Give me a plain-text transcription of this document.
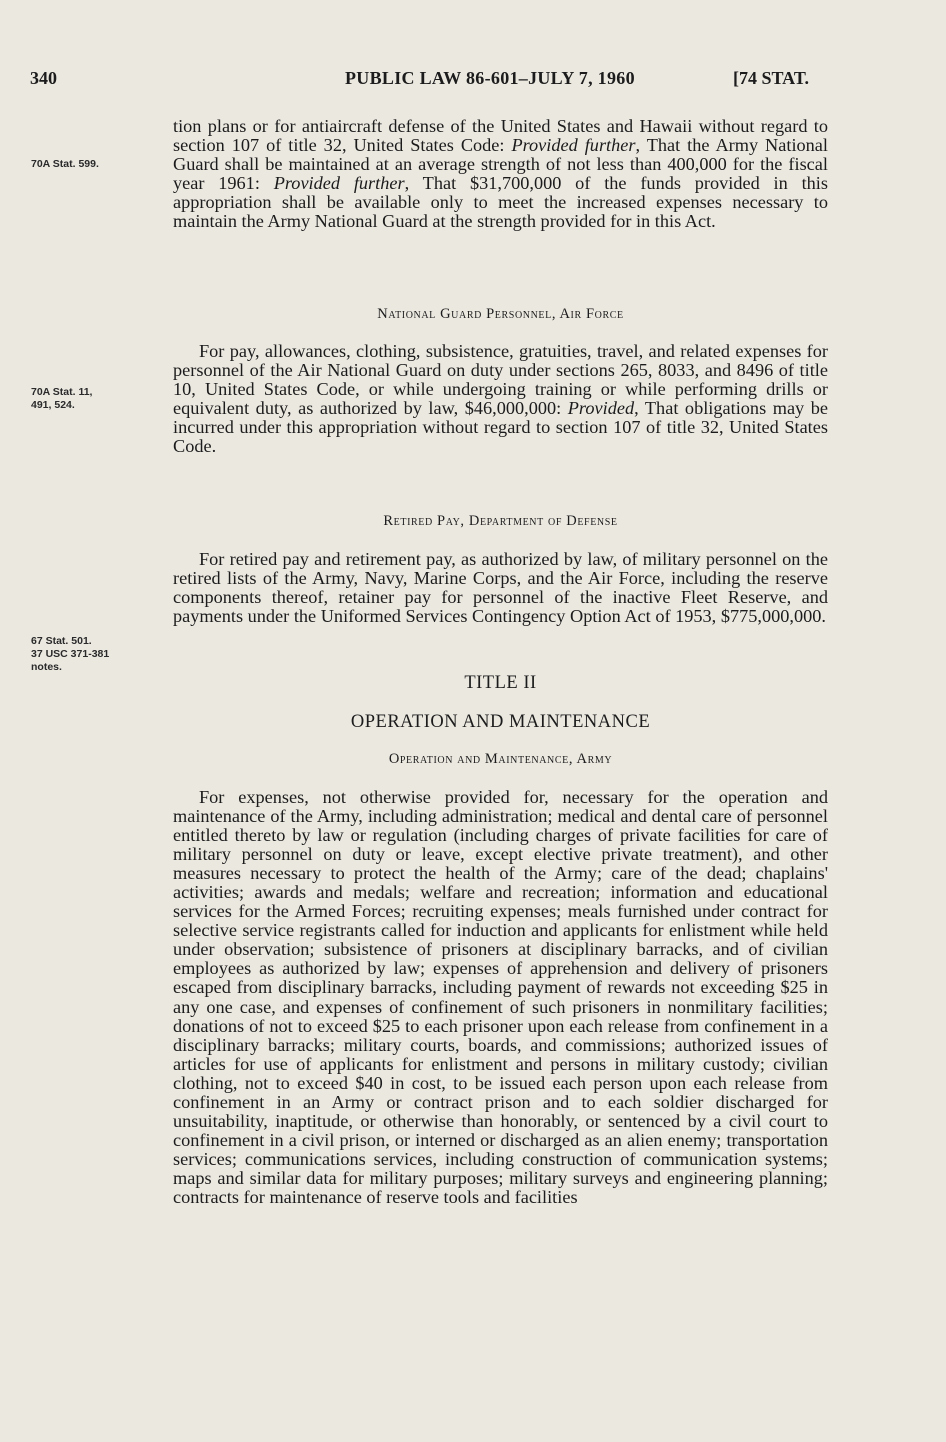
340	PUBLIC LAW 86-601–JULY 7, 1960	[74 STAT.
70A Stat. 599.
70A Stat. 11,
491, 524.
67 Stat. 501.
37 USC 371-381
notes.

tion plans or for antiaircraft defense of the United States and Hawaii without regard to section 107 of title 32, United States Code: Provided further, That the Army National Guard shall be maintained at an average strength of not less than 400,000 for the fiscal year 1961: Provided further, That $31,700,000 of the funds provided in this appropriation shall be available only to meet the increased expenses necessary to maintain the Army National Guard at the strength provided for in this Act.

National Guard Personnel, Air Force

For pay, allowances, clothing, subsistence, gratuities, travel, and related expenses for personnel of the Air National Guard on duty under sections 265, 8033, and 8496 of title 10, United States Code, or while undergoing training or while performing drills or equivalent duty, as authorized by law, $46,000,000: Provided, That obligations may be incurred under this appropriation without regard to section 107 of title 32, United States Code.

Retired Pay, Department of Defense

For retired pay and retirement pay, as authorized by law, of military personnel on the retired lists of the Army, Navy, Marine Corps, and the Air Force, including the reserve components thereof, retainer pay for personnel of the inactive Fleet Reserve, and payments under the Uniformed Services Contingency Option Act of 1953, $775,000,000.

TITLE II
OPERATION AND MAINTENANCE
Operation and Maintenance, Army

For expenses, not otherwise provided for, necessary for the operation and maintenance of the Army, including administration; medical and dental care of personnel entitled thereto by law or regulation (including charges of private facilities for care of military personnel on duty or leave, except elective private treatment), and other measures necessary to protect the health of the Army; care of the dead; chaplains' activities; awards and medals; welfare and recreation; information and educational services for the Armed Forces; recruiting expenses; meals furnished under contract for selective service registrants called for induction and applicants for enlistment while held under observation; subsistence of prisoners at disciplinary barracks, and of civilian employees as authorized by law; expenses of apprehension and delivery of prisoners escaped from disciplinary barracks, including payment of rewards not exceeding $25 in any one case, and expenses of confinement of such prisoners in nonmilitary facilities; donations of not to exceed $25 to each prisoner upon each release from confinement in a disciplinary barracks; military courts, boards, and commissions; authorized issues of articles for use of applicants for enlistment and persons in military custody; civilian clothing, not to exceed $40 in cost, to be issued each person upon each release from confinement in an Army or contract prison and to each soldier discharged for unsuitability, inaptitude, or otherwise than honorably, or sentenced by a civil court to confinement in a civil prison, or interned or discharged as an alien enemy; transportation services; communications services, including construction of communication systems; maps and similar data for military purposes; military surveys and engineering planning; contracts for maintenance of reserve tools and facilities
